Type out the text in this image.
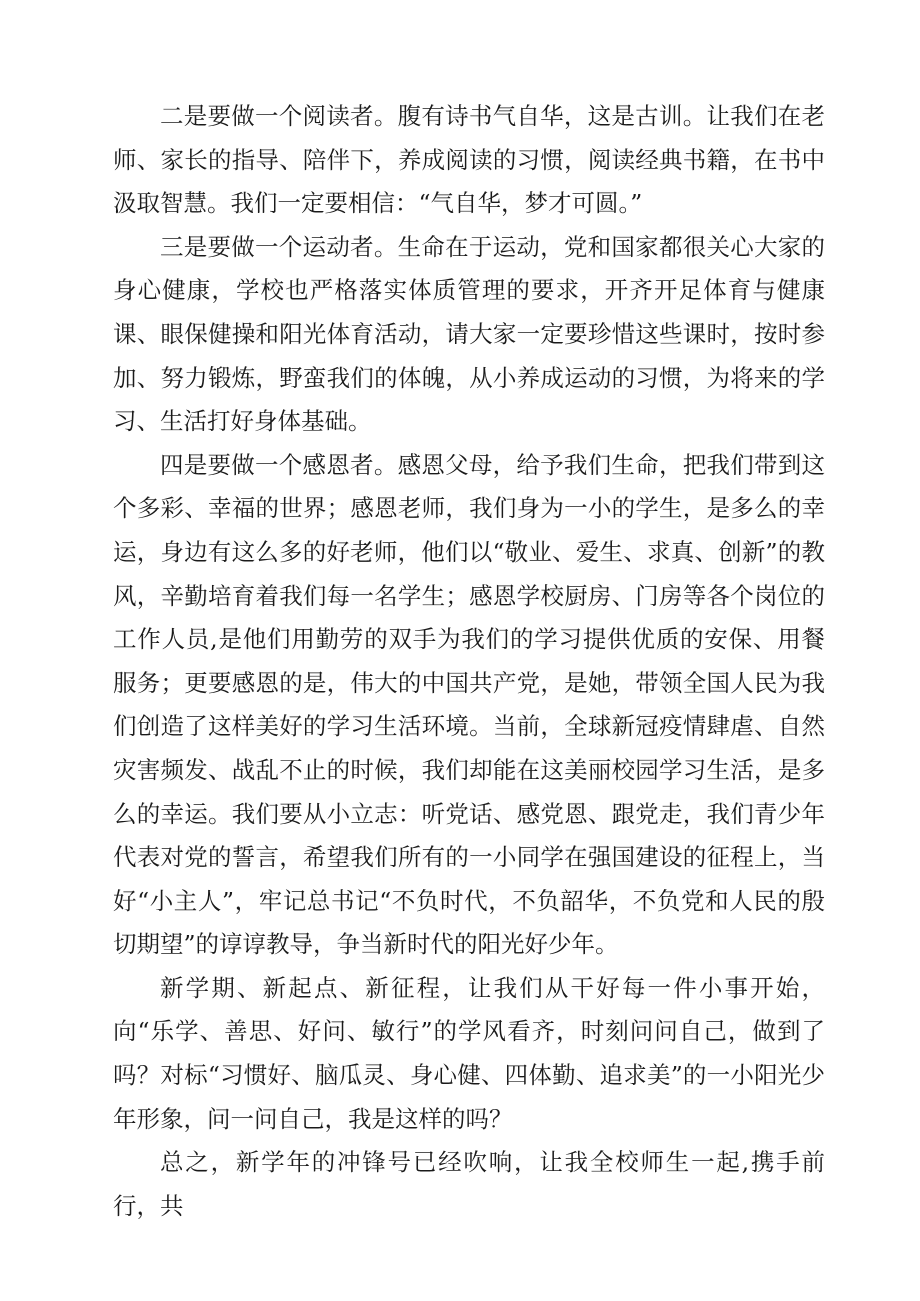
二是要做一个阅读者。腹有诗书气自华，这是古训。让我们在老师、家长的指导、陪伴下，养成阅读的习惯，阅读经典书籍，在书中汲取智慧。我们一定要相信：“气自华，梦才可圆。”

三是要做一个运动者。生命在于运动，党和国家都很关心大家的身心健康，学校也严格落实体质管理的要求，开齐开足体育与健康课、眼保健操和阳光体育活动，请大家一定要珍惜这些课时，按时参加、努力锻炼，野蛮我们的体魄，从小养成运动的习惯，为将来的学习、生活打好身体基础。

四是要做一个感恩者。感恩父母，给予我们生命，把我们带到这个多彩、幸福的世界；感恩老师，我们身为一小的学生，是多么的幸运，身边有这么多的好老师，他们以“敬业、爱生、求真、创新”的教风，辛勤培育着我们每一名学生；感恩学校厨房、门房等各个岗位的工作人员,是他们用勤劳的双手为我们的学习提供优质的安保、用餐服务；更要感恩的是，伟大的中国共产党，是她，带领全国人民为我们创造了这样美好的学习生活环境。当前，全球新冠疫情肆虐、自然灾害频发、战乱不止的时候，我们却能在这美丽校园学习生活，是多么的幸运。我们要从小立志：听党话、感党恩、跟党走，我们青少年代表对党的誓言，希望我们所有的一小同学在强国建设的征程上，当好“小主人”，牢记总书记“不负时代，不负韶华，不负党和人民的殷切期望”的谆谆教导，争当新时代的阳光好少年。

新学期、新起点、新征程，让我们从干好每一件小事开始，向“乐学、善思、好问、敏行”的学风看齐，时刻问问自己，做到了吗？对标“习惯好、脑瓜灵、身心健、四体勤、追求美”的一小阳光少年形象，问一问自己，我是这样的吗？

总之，新学年的冲锋号已经吹响，让我全校师生一起,携手前行，共
